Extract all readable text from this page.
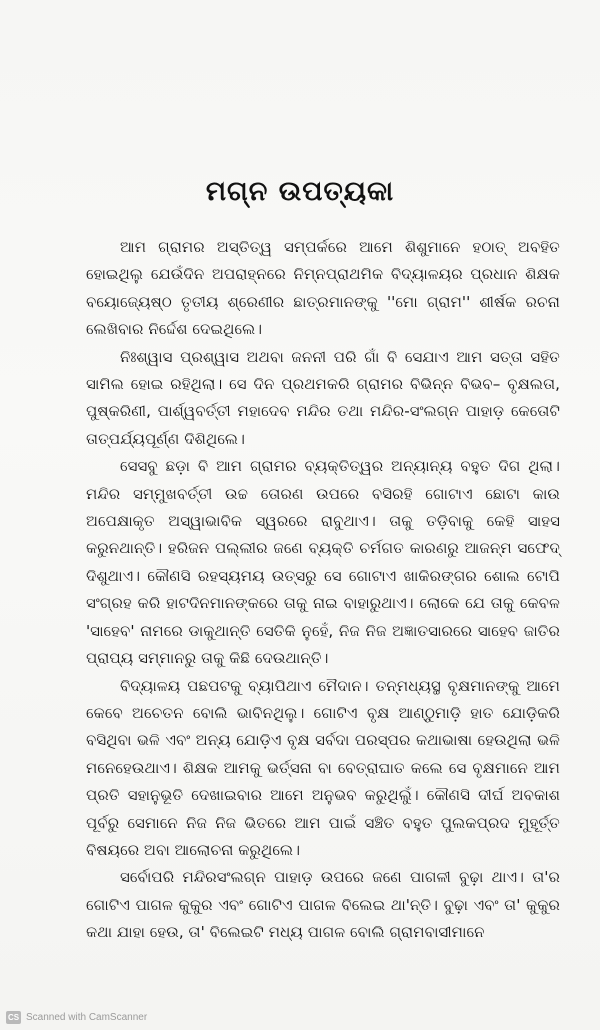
ମଗ୍ନ ଉପତ୍ୟକା

ଆମ ଗ୍ରାମର ଅସ୍ତିତ୍ୱ ସମ୍ପର୍କରେ ଆମେ ଶିଶୁମାନେ ହଠାତ୍ ଅବହିତ ହୋଇଥିଲୁ ଯେଉଁଦିନ ଅପରାହ୍ନରେ ନିମ୍ନପ୍ରାଥମିକ ବିଦ୍ୟାଳୟର ପ୍ରଧାନ ଶିକ୍ଷକ ବୟୋଜ୍ୟେଷ୍ଠ ତୃତୀୟ ଶ୍ରେଣୀର ଛାତ୍ରମାନଙ୍କୁ ''ମୋ ଗ୍ରାମ'' ଶୀର୍ଷକ ରଚନା ଲେଖିବାର ନିର୍ଦ୍ଦେଶ ଦେଇଥିଲେ।

ନିଃଶ୍ୱାସ ପ୍ରଶ୍ୱାସ ଅଥବା ଜନନୀ ପରି ଗାଁ ବି ସେଯାଏ ଆମ ସତ୍ତା ସହିତ ସାମିଲ ହୋଇ ରହିଥିଲା। ସେ ଦିନ ପ୍ରଥମକରି ଗ୍ରାମର ବିଭିନ୍ନ ବିଭବ– ବୃକ୍ଷଲତା, ପୁଷ୍କରିଣୀ, ପାର୍ଶ୍ୱବର୍ତ୍ତୀ ମହାଦେବ ମନ୍ଦିର ତଥା ମନ୍ଦିର-ସଂଲଗ୍ନ ପାହାଡ଼ କେତୋଟି ତାତ୍ପର୍ଯ୍ୟପୂର୍ଣ୍ଣ ଦିଶିଥିଲେ।

ସେସବୁ ଛଡ଼ା ବି ଆମ ଗ୍ରାମର ବ୍ୟକ୍ତିତ୍ୱର ଅନ୍ୟାନ୍ୟ ବହୁତ ଦିଗ ଥିଲା। ମନ୍ଦିର ସମ୍ମୁଖବର୍ତ୍ତୀ ଉଚ୍ଚ ତୋରଣ ଉପରେ ବସିରହି ଗୋଟାଏ ଛୋଟା କାଉ ଅପେକ୍ଷାକୃତ ଅସ୍ୱାଭାବିକ ସ୍ୱରରେ ରାବୁଥାଏ। ତାକୁ ତଡ଼ିବାକୁ କେହି ସାହସ କରୁନଥାନ୍ତି। ହରିଜନ ପଲ୍ଲୀର ଜଣେ ବ୍ୟକ୍ତି ଚର୍ମଗତ କାରଣରୁ ଆଜନ୍ମ ସଫେଦ୍ ଦିଶୁଥାଏ। କୌଣସି ରହସ୍ୟମୟ ଉତ୍ସରୁ ସେ ଗୋଟାଏ ଖାକିରଙ୍ଗର ଶୋଲ ଟୋପି ସଂଗ୍ରହ କରି ହାଟଦିନମାନଙ୍କରେ ତାକୁ ନାଇ ବାହାରୁଥାଏ। ଲୋକେ ଯେ ତାକୁ କେବଳ 'ସାହେବ' ନାମରେ ଡାକୁଥାନ୍ତି ସେତିକି ନୁହେଁ, ନିଜ ନିଜ ଅଜ୍ଞାତସାରରେ ସାହେବ ଜାତିର ପ୍ରାପ୍ୟ ସମ୍ମାନରୁ ତାକୁ କିଛି ଦେଉଥାନ୍ତି।

ବିଦ୍ୟାଳୟ ପଛପଟକୁ ବ୍ୟାପିଥାଏ ମୈଦାନ। ତନ୍ମଧ୍ୟସ୍ଥ ବୃକ୍ଷମାନଙ୍କୁ ଆମେ କେବେ ଅଚେତନ ବୋଲି ଭାବିନଥିଲୁ। ଗୋଟିଏ ବୃକ୍ଷ ଆଣ୍ଠୁମାଡ଼ି ହାତ ଯୋଡ଼ିକରି ବସିଥିବା ଭଳି ଏବଂ ଅନ୍ୟ ଯୋଡ଼ିଏ ବୃକ୍ଷ ସର୍ବଦା ପରସ୍ପର କଥାଭାଷା ହେଉଥିଲା ଭଳି ମନେହେଉଥାଏ। ଶିକ୍ଷକ ଆମକୁ ଭର୍ତ୍ସନା ବା ବେତ୍ରାଘାତ କଲେ ସେ ବୃକ୍ଷମାନେ ଆମ ପ୍ରତି ସହାନୁଭୂତି ଦେଖାଇବାର ଆମେ ଅନୁଭବ କରୁଥିଲୁଁ। କୌଣସି ଦୀର୍ଘ ଅବକାଶ ପୂର୍ବରୁ ସେମାନେ ନିଜ ନିଜ ଭିତରେ ଆମ ପାଇଁ ସଞ୍ଚିତ ବହୁତ ପୁଲକପ୍ରଦ ମୁହୂର୍ତ୍ତ ବିଷୟରେ ଅବା ଆଲୋଚନା କରୁଥିଲେ।

ସର୍ବୋପରି ମନ୍ଦିରସଂଲଗ୍ନ ପାହାଡ଼ ଉପରେ ଜଣେ ପାଗଳୀ ବୁଢ଼ା ଥାଏ। ତା'ର ଗୋଟିଏ ପାଗଳ କୁକୁର ଏବଂ ଗୋଟିଏ ପାଗଳ ବିଲେଇ ଥା'ନ୍ତି। ବୁଢ଼ା ଏବଂ ତା' କୁକୁର କଥା ଯାହା ହେଉ, ତା' ବିଲେଇଟି ମଧ୍ୟ ପାଗଳ ବୋଲି ଗ୍ରାମବାସୀମାନେ

CS Scanned with CamScanner
